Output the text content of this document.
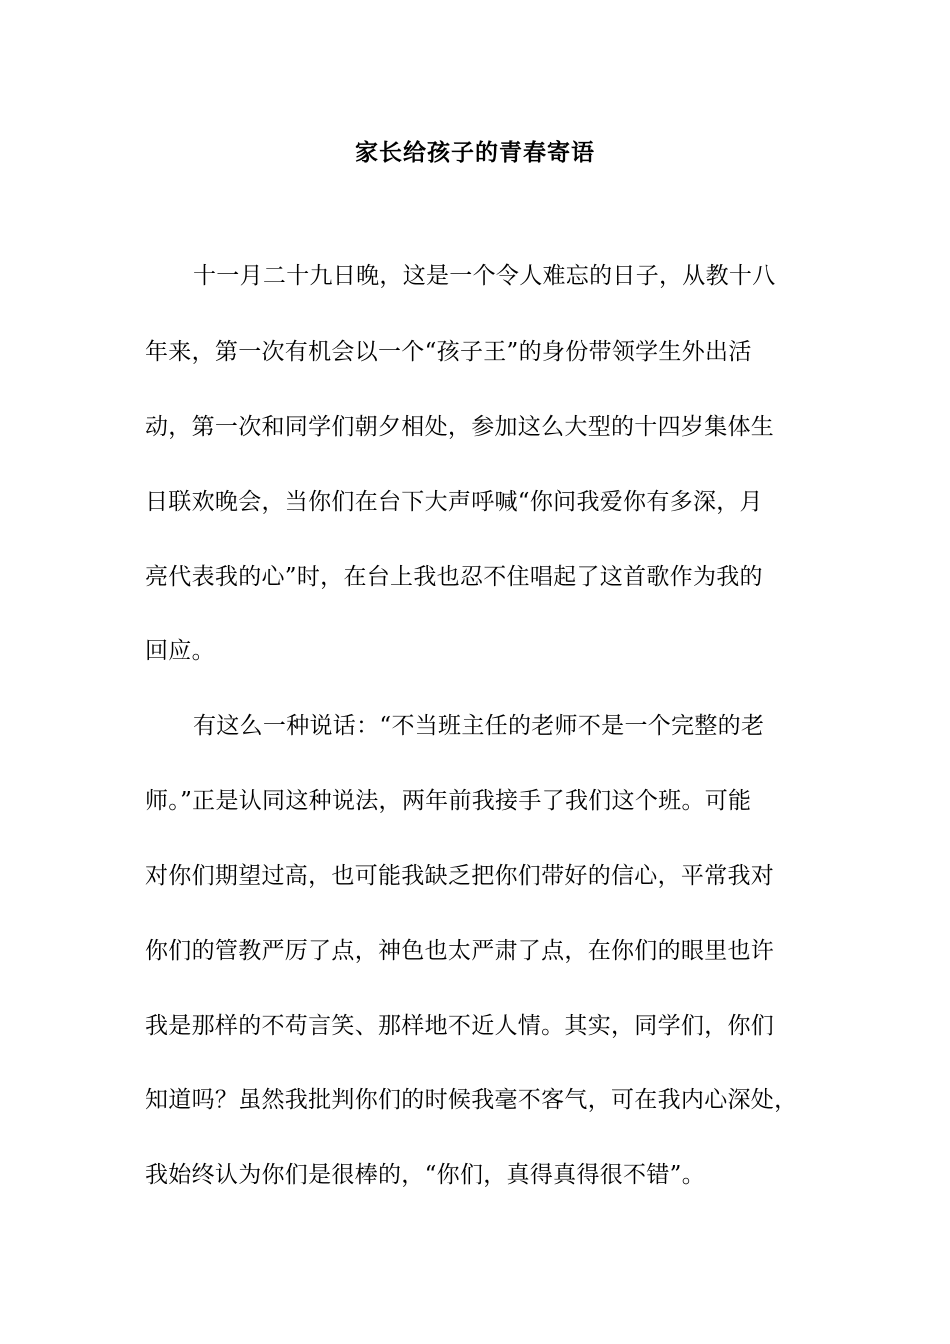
家长给孩子的青春寄语
十一月二十九日晚，这是一个令人难忘的日子，从教十八
年来，第一次有机会以一个“孩子王”的身份带领学生外出活
动，第一次和同学们朝夕相处，参加这么大型的十四岁集体生
日联欢晚会，当你们在台下大声呼喊“你问我爱你有多深，月
亮代表我的心”时，在台上我也忍不住唱起了这首歌作为我的
回应。
有这么一种说话：“不当班主任的老师不是一个完整的老
师。”正是认同这种说法，两年前我接手了我们这个班。可能
对你们期望过高，也可能我缺乏把你们带好的信心，平常我对
你们的管教严厉了点，神色也太严肃了点，在你们的眼里也许
我是那样的不苟言笑、那样地不近人情。其实，同学们，你们
知道吗？虽然我批判你们的时候我毫不客气，可在我内心深处，
我始终认为你们是很棒的，“你们，真得真得很不错”。
